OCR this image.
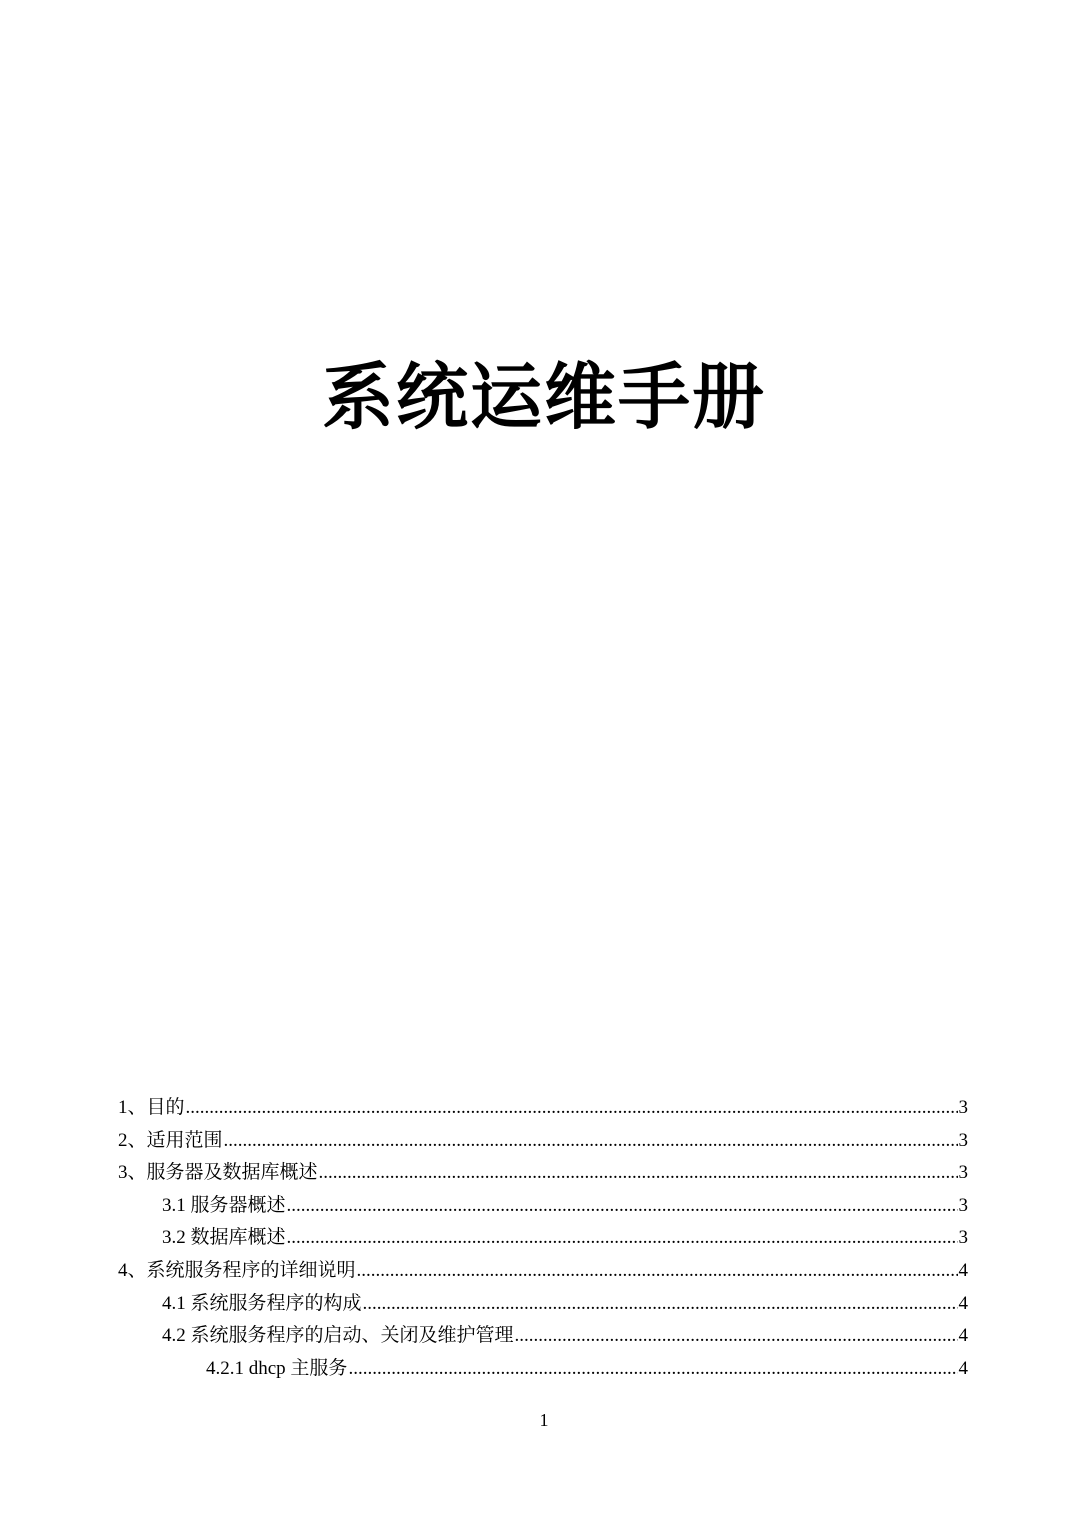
系统运维手册
1、目的 .....	3
2、适用范围 .....	3
3、服务器及数据库概述 .....	3
3.1 服务器概述 .....	3
3.2 数据库概述 .....	3
4、系统服务程序的详细说明 .....	4
4.1 系统服务程序的构成 .....	4
4.2 系统服务程序的启动、关闭及维护管理 .....	4
4.2.1 dhcp 主服务 .....	4
1
